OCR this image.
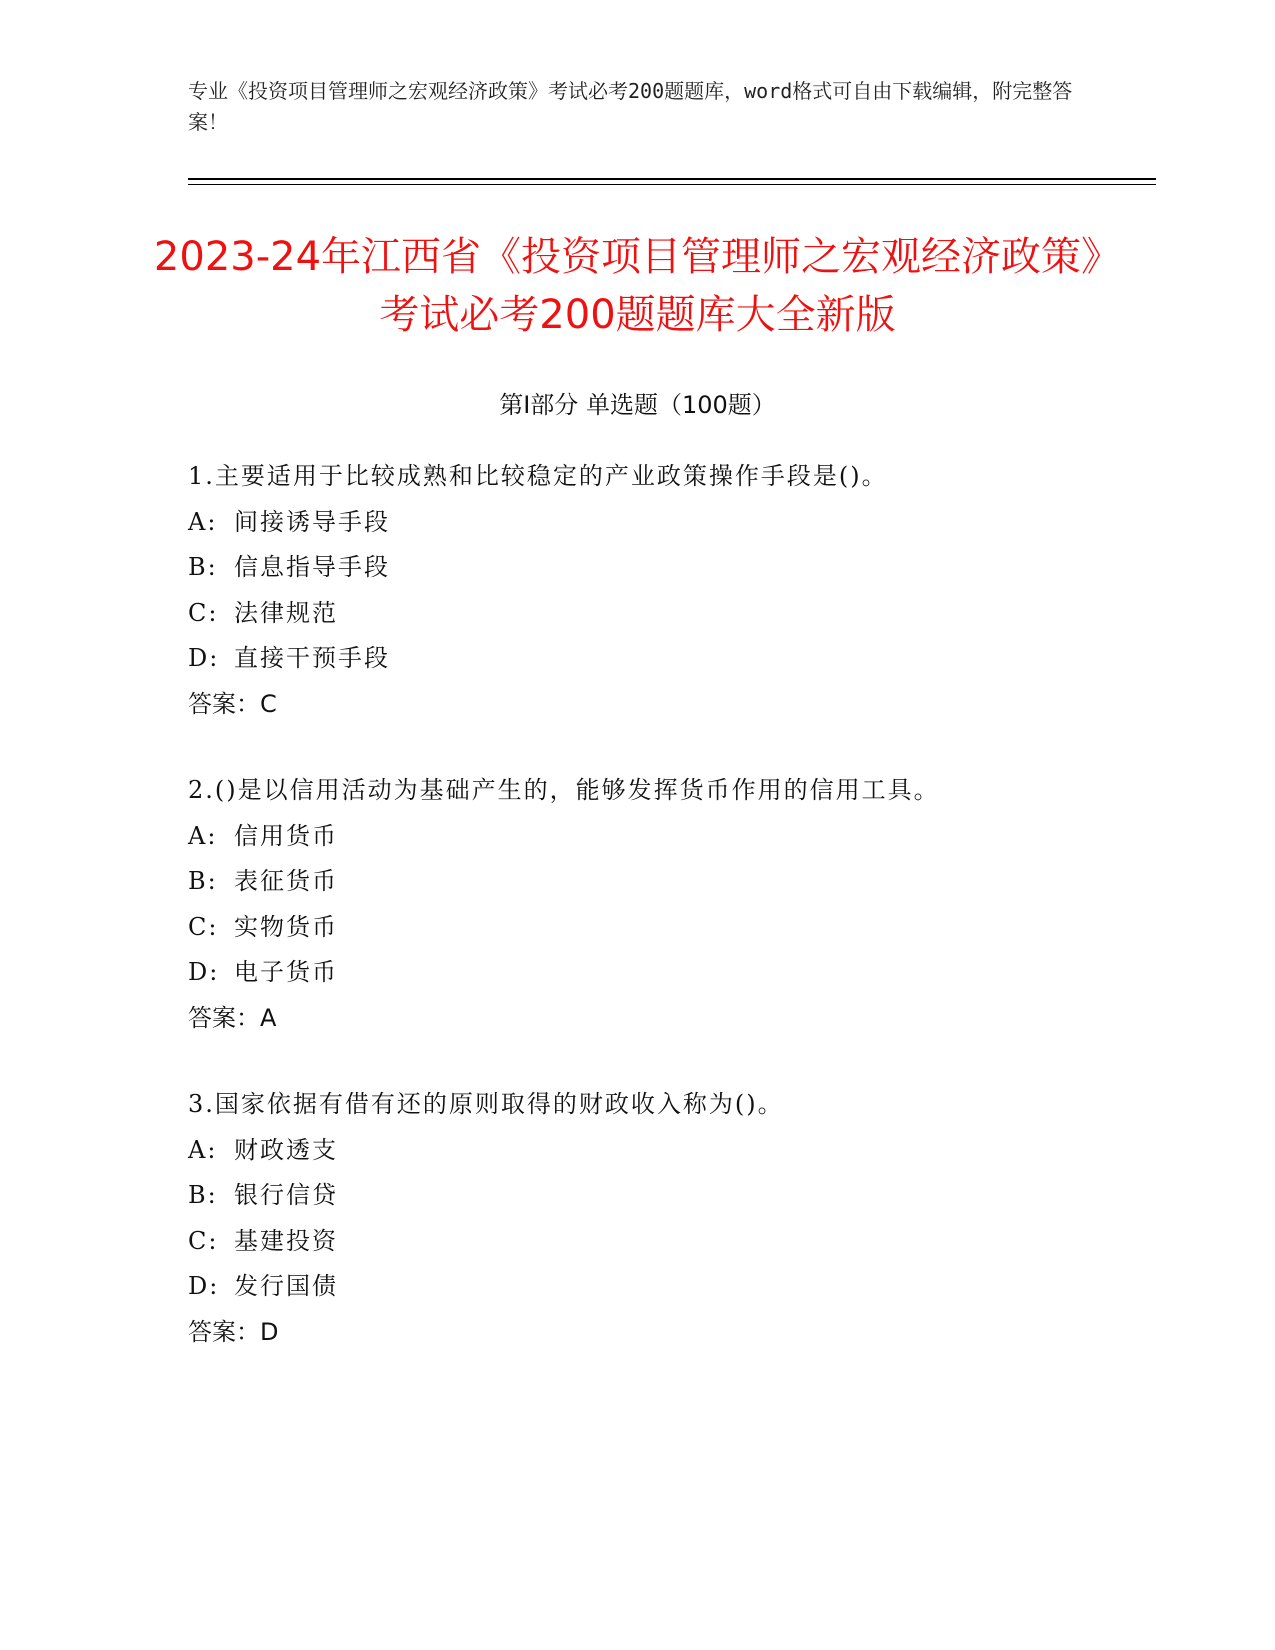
专业《投资项目管理师之宏观经济政策》考试必考200题题库，word格式可自由下载编辑，附完整答案！
2023-24年江西省《投资项目管理师之宏观经济政策》考试必考200题题库大全新版
第Ⅰ部分 单选题（100题）
1.主要适用于比较成熟和比较稳定的产业政策操作手段是()。
A: 间接诱导手段
B: 信息指导手段
C: 法律规范
D: 直接干预手段
答案：C
2.()是以信用活动为基础产生的，能够发挥货币作用的信用工具。
A: 信用货币
B: 表征货币
C: 实物货币
D: 电子货币
答案：A
3.国家依据有借有还的原则取得的财政收入称为()。
A: 财政透支
B: 银行信贷
C: 基建投资
D: 发行国债
答案：D
